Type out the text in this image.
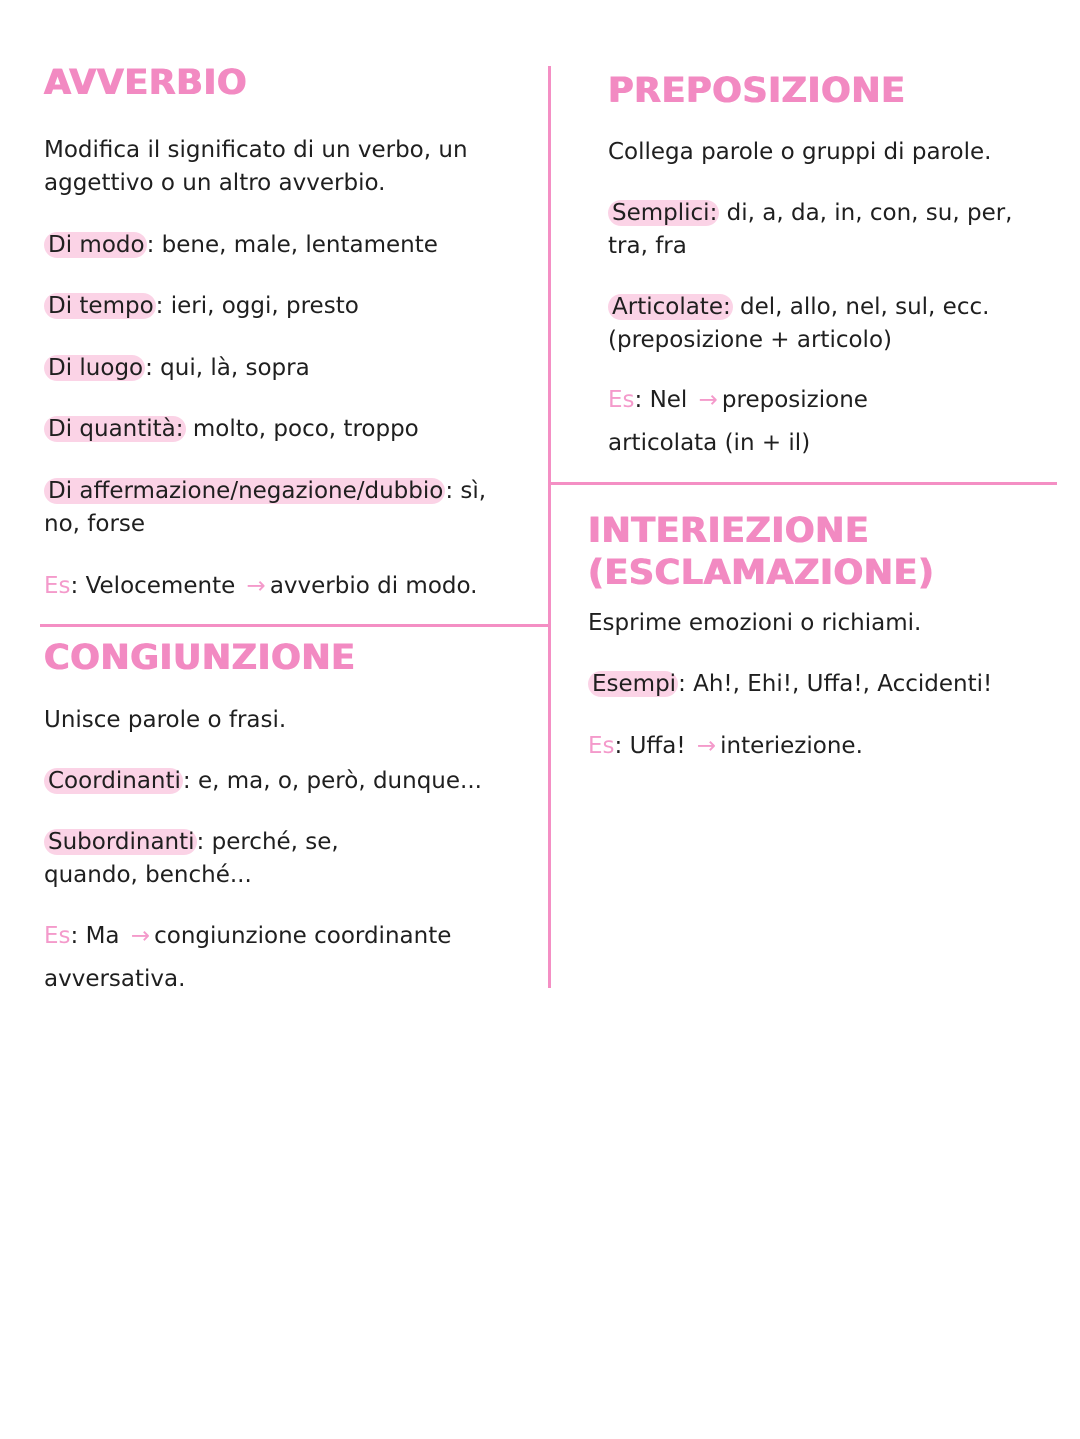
AVVERBIO

Modifica il significato di un verbo, un
aggettivo o un altro avverbio.

Di modo: bene, male, lentamente

Di tempo: ieri, oggi, presto

Di luogo: qui, là, sopra

Di quantità: molto, poco, troppo

Di affermazione/negazione/dubbio: sì,
no, forse

Es: Velocemente → avverbio di modo.

CONGIUNZIONE

Unisce parole o frasi.

Coordinanti: e, ma, o, però, dunque...

Subordinanti: perché, se,
quando, benché...

Es: Ma → congiunzione coordinante

avversativa.

PREPOSIZIONE

Collega parole o gruppi di parole.

Semplici: di, a, da, in, con, su, per,
tra, fra

Articolate: del, allo, nel, sul, ecc.
(preposizione + articolo)

Es: Nel → preposizione

articolata (in + il)

INTERIEZIONE
(ESCLAMAZIONE)

Esprime emozioni o richiami.

Esempi: Ah!, Ehi!, Uffa!, Accidenti!

Es: Uffa! → interiezione.
